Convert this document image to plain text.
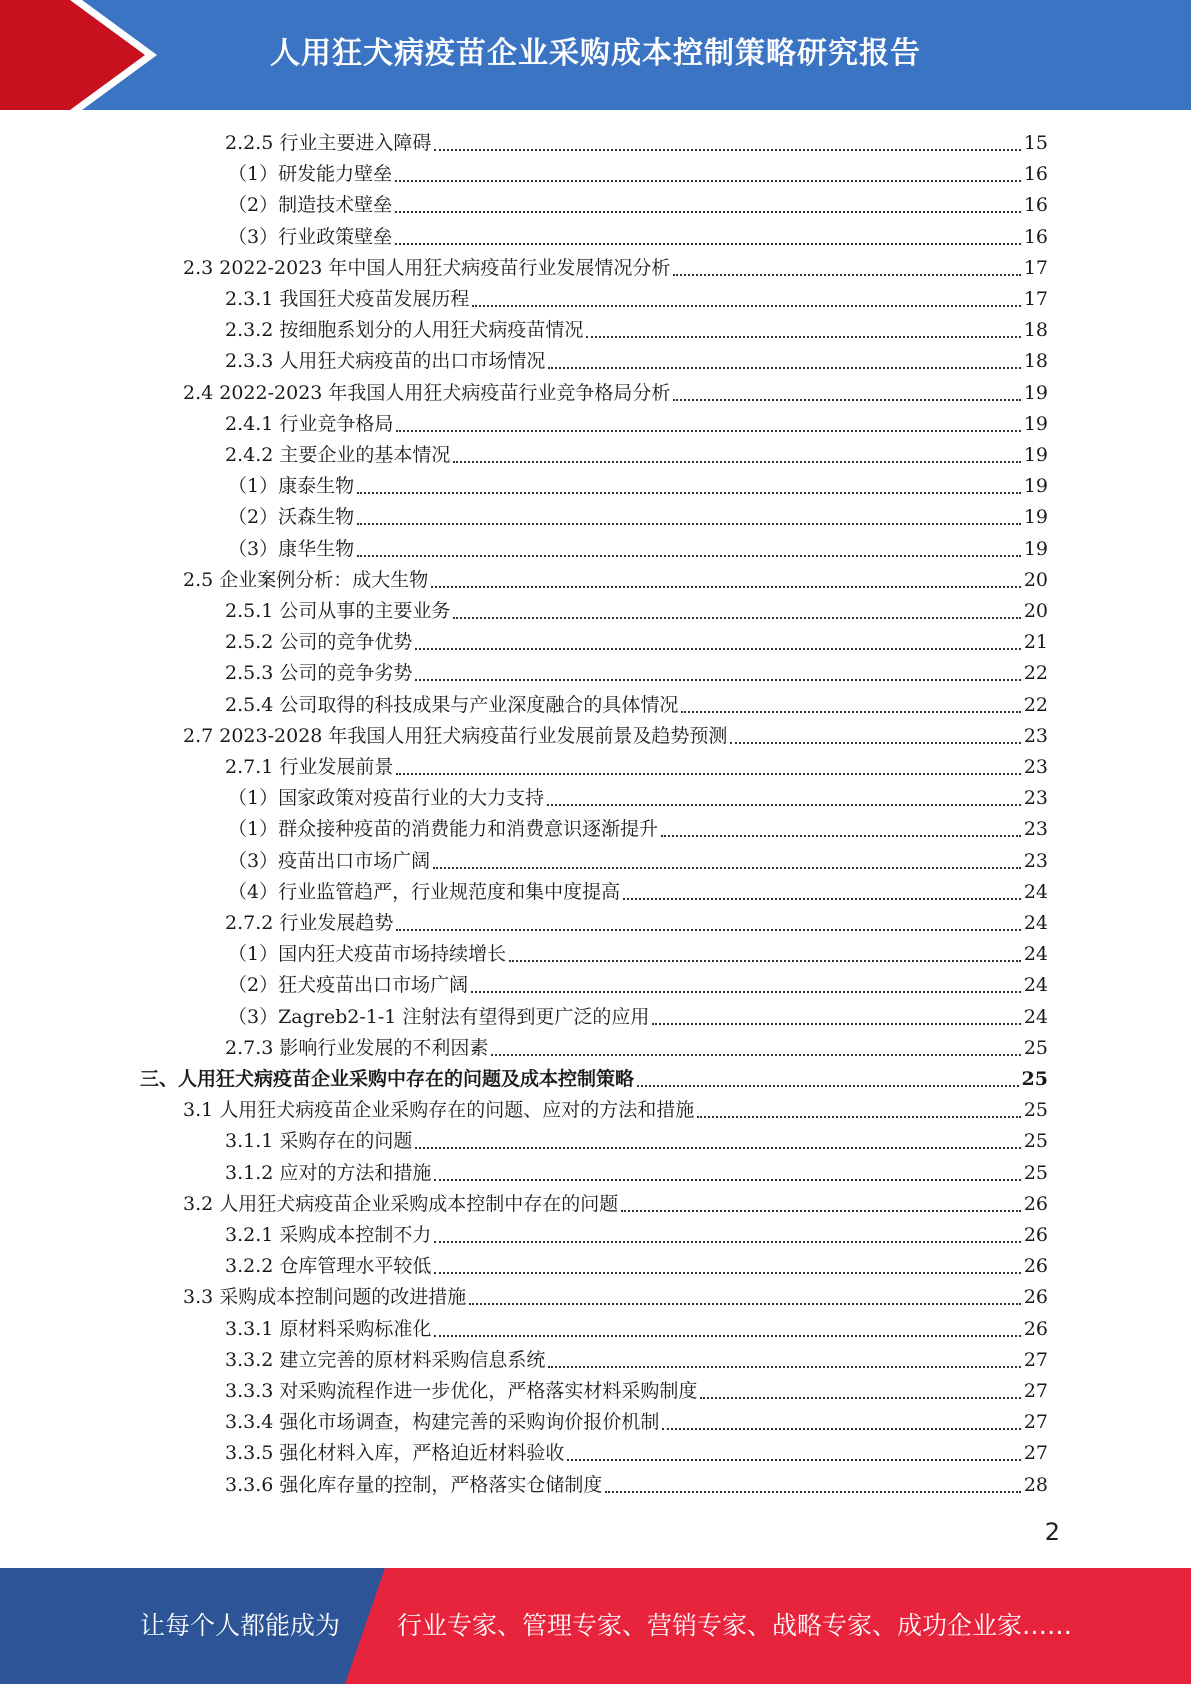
人用狂犬病疫苗企业采购成本控制策略研究报告
2.2.5 行业主要进入障碍	15
（1）研发能力壁垒	16
（2）制造技术壁垒	16
（3）行业政策壁垒	16
2.3 2022-2023 年中国人用狂犬病疫苗行业发展情况分析	17
2.3.1 我国狂犬疫苗发展历程	17
2.3.2 按细胞系划分的人用狂犬病疫苗情况	18
2.3.3 人用狂犬病疫苗的出口市场情况	18
2.4 2022-2023 年我国人用狂犬病疫苗行业竞争格局分析	19
2.4.1 行业竞争格局	19
2.4.2 主要企业的基本情况	19
（1）康泰生物	19
（2）沃森生物	19
（3）康华生物	19
2.5 企业案例分析：成大生物	20
2.5.1 公司从事的主要业务	20
2.5.2 公司的竞争优势	21
2.5.3 公司的竞争劣势	22
2.5.4 公司取得的科技成果与产业深度融合的具体情况	22
2.7 2023-2028 年我国人用狂犬病疫苗行业发展前景及趋势预测	23
2.7.1 行业发展前景	23
（1）国家政策对疫苗行业的大力支持	23
（1）群众接种疫苗的消费能力和消费意识逐渐提升	23
（3）疫苗出口市场广阔	23
（4）行业监管趋严，行业规范度和集中度提高	24
2.7.2 行业发展趋势	24
（1）国内狂犬疫苗市场持续增长	24
（2）狂犬疫苗出口市场广阔	24
（3）Zagreb2-1-1 注射法有望得到更广泛的应用	24
2.7.3 影响行业发展的不利因素	25
三、人用狂犬病疫苗企业采购中存在的问题及成本控制策略	25
3.1 人用狂犬病疫苗企业采购存在的问题、应对的方法和措施	25
3.1.1 采购存在的问题	25
3.1.2 应对的方法和措施	25
3.2 人用狂犬病疫苗企业采购成本控制中存在的问题	26
3.2.1 采购成本控制不力	26
3.2.2 仓库管理水平较低	26
3.3 采购成本控制问题的改进措施	26
3.3.1 原材料采购标准化	26
3.3.2 建立完善的原材料采购信息系统	27
3.3.3 对采购流程作进一步优化，严格落实材料采购制度	27
3.3.4 强化市场调查，构建完善的采购询价报价机制	27
3.3.5 强化材料入库，严格迫近材料验收	27
3.3.6 强化库存量的控制，严格落实仓储制度	28
2
让每个人都能成为 行业专家、管理专家、营销专家、战略专家、成功企业家……
